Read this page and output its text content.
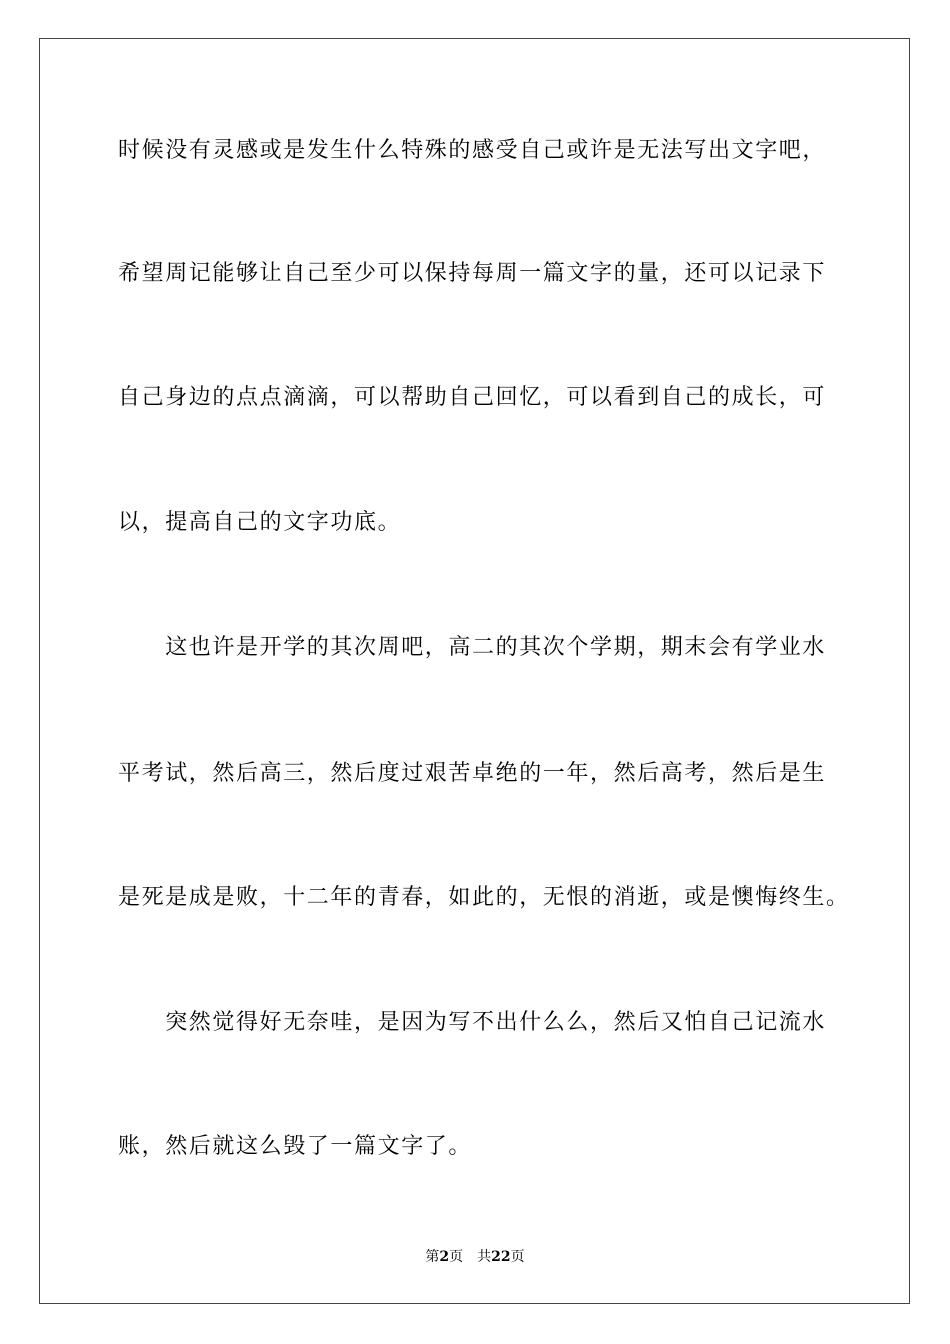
时候没有灵感或是发生什么特殊的感受自己或许是无法写出文字吧，
希望周记能够让自己至少可以保持每周一篇文字的量，还可以记录下
自己身边的点点滴滴，可以帮助自己回忆，可以看到自己的成长，可
以，提高自己的文字功底。
　　这也许是开学的其次周吧，高二的其次个学期，期末会有学业水
平考试，然后高三，然后度过艰苦卓绝的一年，然后高考，然后是生
是死是成是败，十二年的青春，如此的，无恨的消逝，或是懊悔终生。
　　突然觉得好无奈哇，是因为写不出什么么，然后又怕自己记流水
账，然后就这么毁了一篇文字了。
第2页 共22页
